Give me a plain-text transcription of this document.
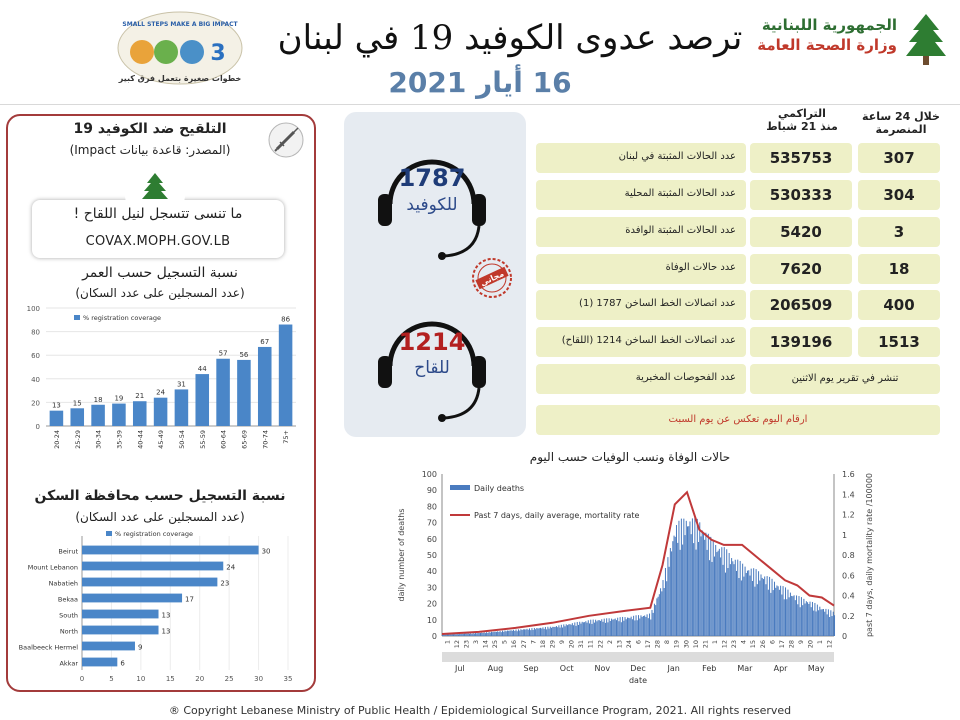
SMALL STEPS MAKE A BIG IMPACT
3
خطوات صغيرة بتعمل فرق كبير
ترصد عدوى الكوفيد 19 في لبنان
16 أيار 2021
الجمهورية اللبنانية
وزارة الصحة العامة
التلقيح ضد الكوفيد 19
(المصدر: قاعدة بيانات Impact)
ما تنسى تتسجل لنيل اللقاح !
COVAX.MOPH.GOV.LB
نسبة التسجيل حسب العمر
(عدد المسجلين على عدد السكان)
0
20
40
60
80
100
% registration coverage
13
20-24
15
25-29
18
30-34
19
35-39
21
40-44
24
45-49
31
50-54
44
55-59
57
60-64
56
65-69
67
70-74
86
75+
نسبة التسجيل حسب محافظة السكن
(عدد المسجلين على عدد السكان)
0	5	10	15	20	25	30	35
% registration coverage
30
Beirut
24
Mount Lebanon
23
Nabatieh
17
Bekaa
13
South
13
North
9
Baalbeeck Hermel
6
Akkar
1787
للكوفيد
1214
للقاح
مجاني
التراكمي
منذ 21 شباط
خلال 24 ساعة
المنصرمة
عدد الحالات المثبتة في لبنان	535753	307
عدد الحالات المثبتة المحلية	530333	304
عدد الحالات المثبتة الوافدة	5420	3
عدد حالات الوفاة	7620	18
عدد اتصالات الخط الساخن 1787 (1)	206509	400
عدد اتصالات الخط الساخن 1214 (اللقاح)	139196	1513
عدد الفحوصات المخبرية	تنشر في تقرير يوم الاثنين
ارقام اليوم تعكس عن يوم السبت
حالات الوفاة ونسب الوفيات حسب اليوم
0
10
20
30
40
50
60
70
80
90
100
0
0.2
0.4
0.6
0.8
1
1.2
1.4
1.6
daily number of deaths	past 7 days, daily mortality rate /100000
Daily deaths
Past 7 days, daily average, mortality rate
1 12 23 3 14 25 5 16 27 7 18 29 9 20 31 11 22 2 13 24 6 17 28 8 19 30 10 21 1 12 23 4 15 26 6 17 28 9 20 1 12
Jul	Aug	Sep	Oct	Nov	Dec	Jan	Feb	Mar	Apr	May
date
® Copyright Lebanese Ministry of Public Health / Epidemiological Surveillance Program, 2021. All rights reserved
